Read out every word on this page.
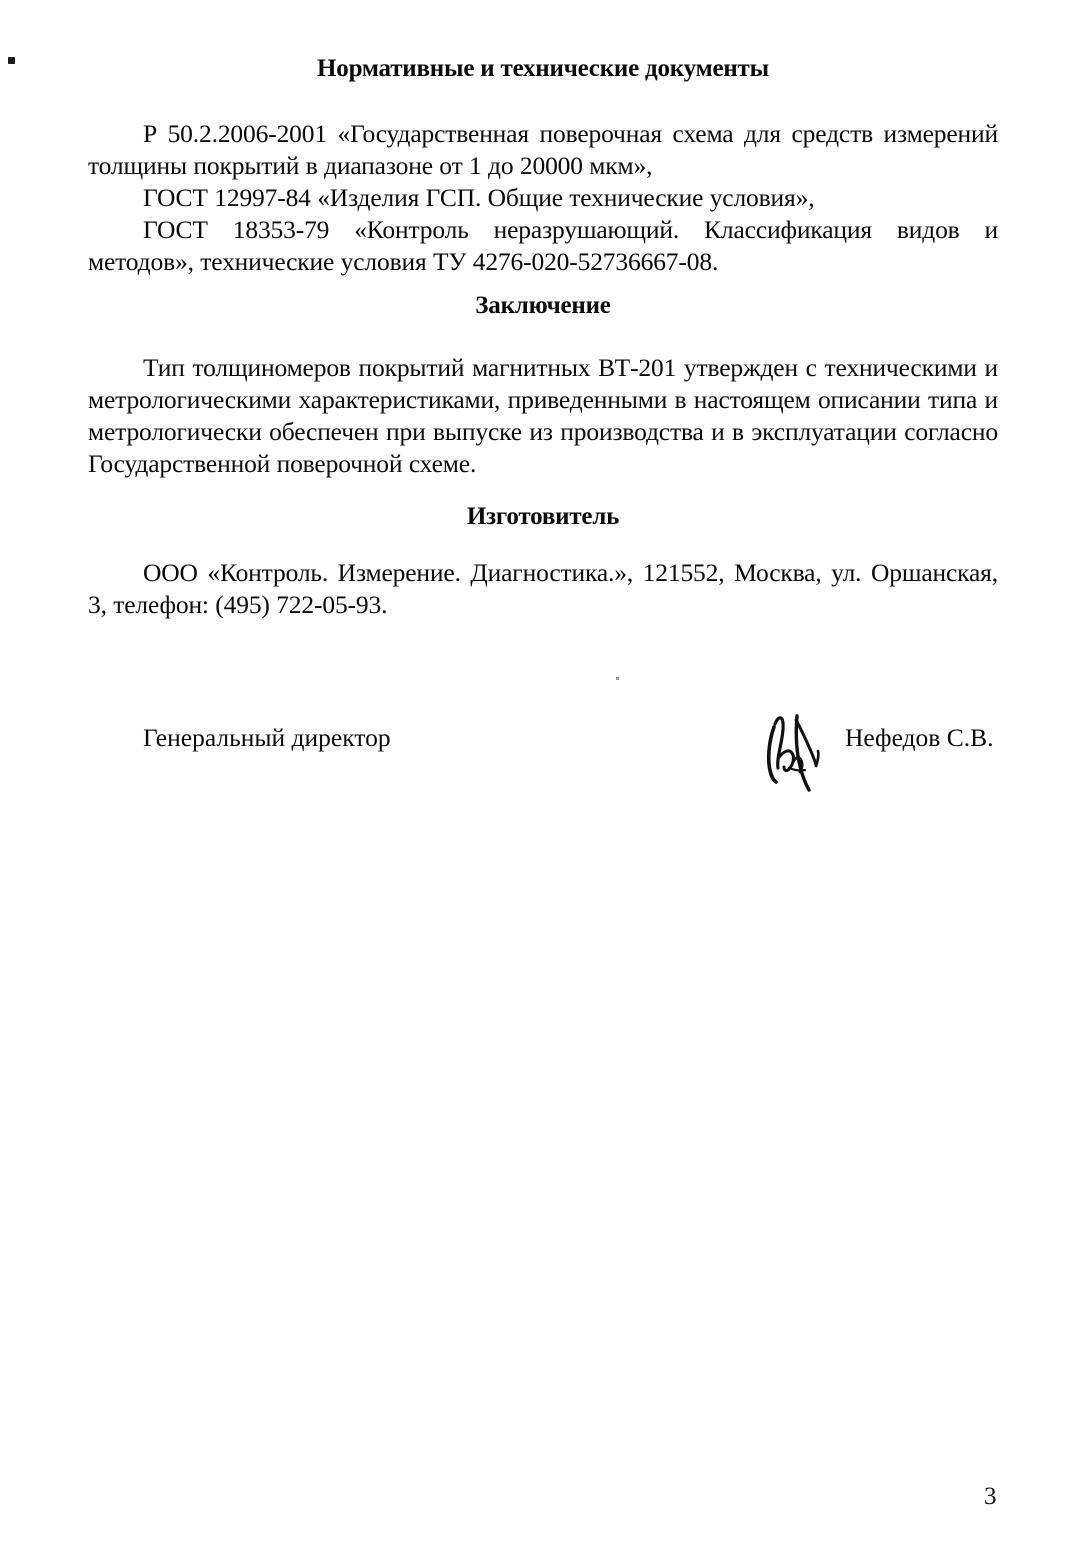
Нормативные и технические документы

Р 50.2.2006-2001 «Государственная поверочная схема для средств измерений толщины покрытий в диапазоне от 1 до 20000 мкм»,

ГОСТ 12997-84 «Изделия ГСП. Общие технические условия»,

ГОСТ 18353-79 «Контроль неразрушающий. Классификация видов и методов», технические условия ТУ 4276-020-52736667-08.

Заключение

Тип толщиномеров покрытий магнитных ВТ-201 утвержден с техническими и метрологическими характеристиками, приведенными в настоящем описании типа и метрологически обеспечен при выпуске из производства и в эксплуатации согласно Государственной поверочной схеме.

Изготовитель

ООО «Контроль. Измерение. Диагностика.», 121552, Москва, ул. Оршанская, 3, телефон: (495) 722-05-93.

Генеральный директор	Нефедов С.В.
3
